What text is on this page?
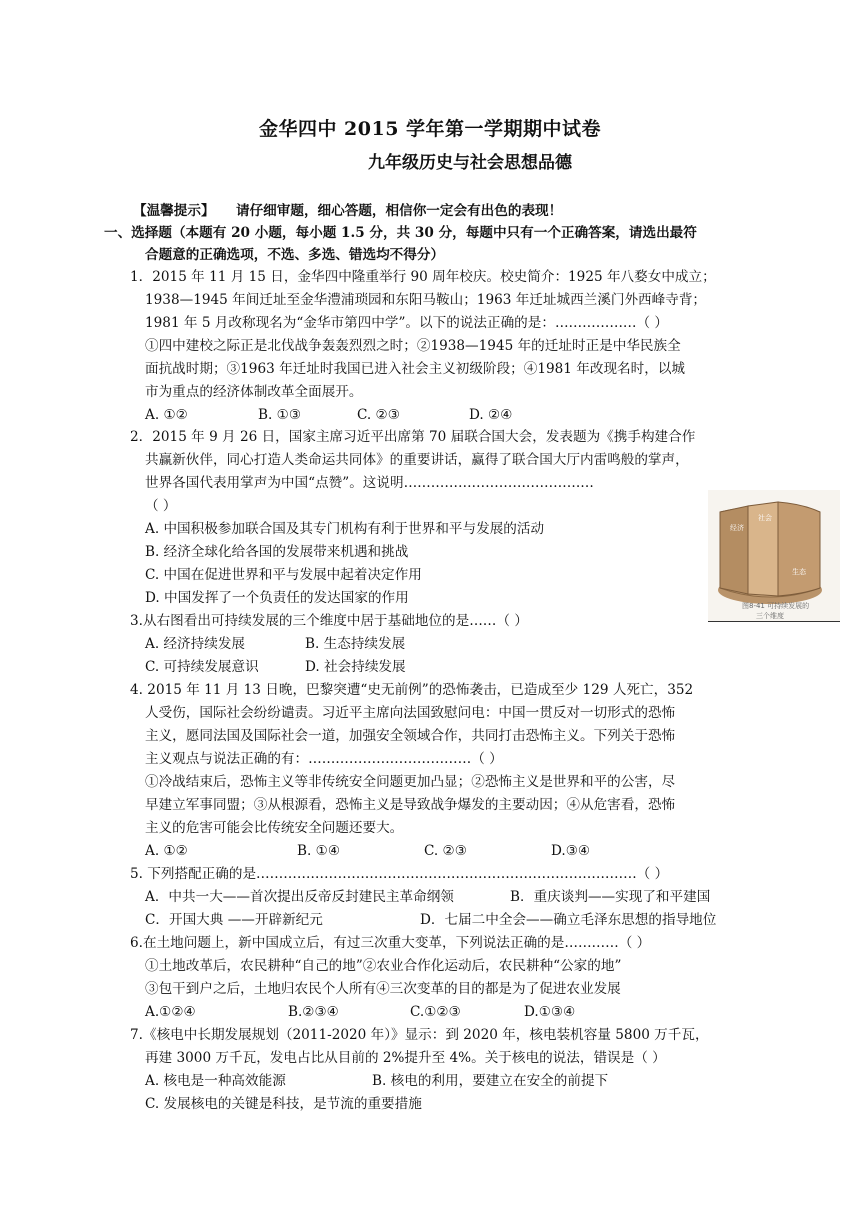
金华四中 2015 学年第一学期期中试卷
九年级历史与社会思想品德
【温馨提示】 请仔细审题，细心答题，相信你一定会有出色的表现！
一、选择题（本题有 20 小题，每小题 1.5 分，共 30 分，每题中只有一个正确答案，请选出最符
合题意的正确选项，不选、多选、错选均不得分）
1．2015 年 11 月 15 日，金华四中隆重举行 90 周年校庆。校史简介：1925 年八婺女中成立；
1938—1945 年间迁址至金华澧浦琐园和东阳马鞍山；1963 年迁址城西兰溪门外西峰寺背；
1981 年 5 月改称现名为“金华市第四中学”。以下的说法正确的是：………………（ ）
①四中建校之际正是北伐战争轰轰烈烈之时；②1938—1945 年的迁址时正是中华民族全
面抗战时期；③1963 年迁址时我国已进入社会主义初级阶段；④1981 年改现名时，以城
市为重点的经济体制改革全面展开。
A. ①②	B. ①③	C. ②③	D. ②④
2．2015 年 9 月 26 日，国家主席习近平出席第 70 届联合国大会，发表题为《携手构建合作
共赢新伙伴，同心打造人类命运共同体》的重要讲话，赢得了联合国大厅内雷鸣般的掌声，
世界各国代表用掌声为中国“点赞”。这说明……………………………………
（ ）
A. 中国积极参加联合国及其专门机构有利于世界和平与发展的活动
B. 经济全球化给各国的发展带来机遇和挑战
C. 中国在促进世界和平与发展中起着决定作用
D. 中国发挥了一个负责任的发达国家的作用
经济
社会
生态
图8-41 可持续发展的
三个维度
3.从右图看出可持续发展的三个维度中居于基础地位的是……（ ）
A. 经济持续发展	B. 生态持续发展
C. 可持续发展意识	D. 社会持续发展
4. 2015 年 11 月 13 日晚，巴黎突遭“史无前例”的恐怖袭击，已造成至少 129 人死亡，352
人受伤，国际社会纷纷谴责。习近平主席向法国致慰问电：中国一贯反对一切形式的恐怖
主义，愿同法国及国际社会一道，加强安全领域合作，共同打击恐怖主义。下列关于恐怖
主义观点与说法正确的有：………………………………（ ）
①冷战结束后，恐怖主义等非传统安全问题更加凸显；②恐怖主义是世界和平的公害，尽
早建立军事同盟；③从根源看，恐怖主义是导致战争爆发的主要动因；④从危害看，恐怖
主义的危害可能会比传统安全问题还要大。
A. ①②	B. ①④	C. ②③	D.③④
5. 下列搭配正确的是…………………………………………………………………………（ ）
A．中共一大——首次提出反帝反封建民主革命纲领	B．重庆谈判——实现了和平建国
C．开国大典 ——开辟新纪元	D．七届二中全会——确立毛泽东思想的指导地位
6.在土地问题上，新中国成立后，有过三次重大变革，下列说法正确的是…………（ ）
①土地改革后，农民耕种“自己的地”②农业合作化运动后，农民耕种“公家的地”
③包干到户之后，土地归农民个人所有④三次变革的目的都是为了促进农业发展
A.①②④	B.②③④	C.①②③	D.①③④
7.《核电中长期发展规划（2011-2020 年）》显示：到 2020 年，核电装机容量 5800 万千瓦，
再建 3000 万千瓦，发电占比从目前的 2%提升至 4%。关于核电的说法，错误是（ ）
A. 核电是一种高效能源	B. 核电的利用，要建立在安全的前提下
C. 发展核电的关键是科技，是节流的重要措施
